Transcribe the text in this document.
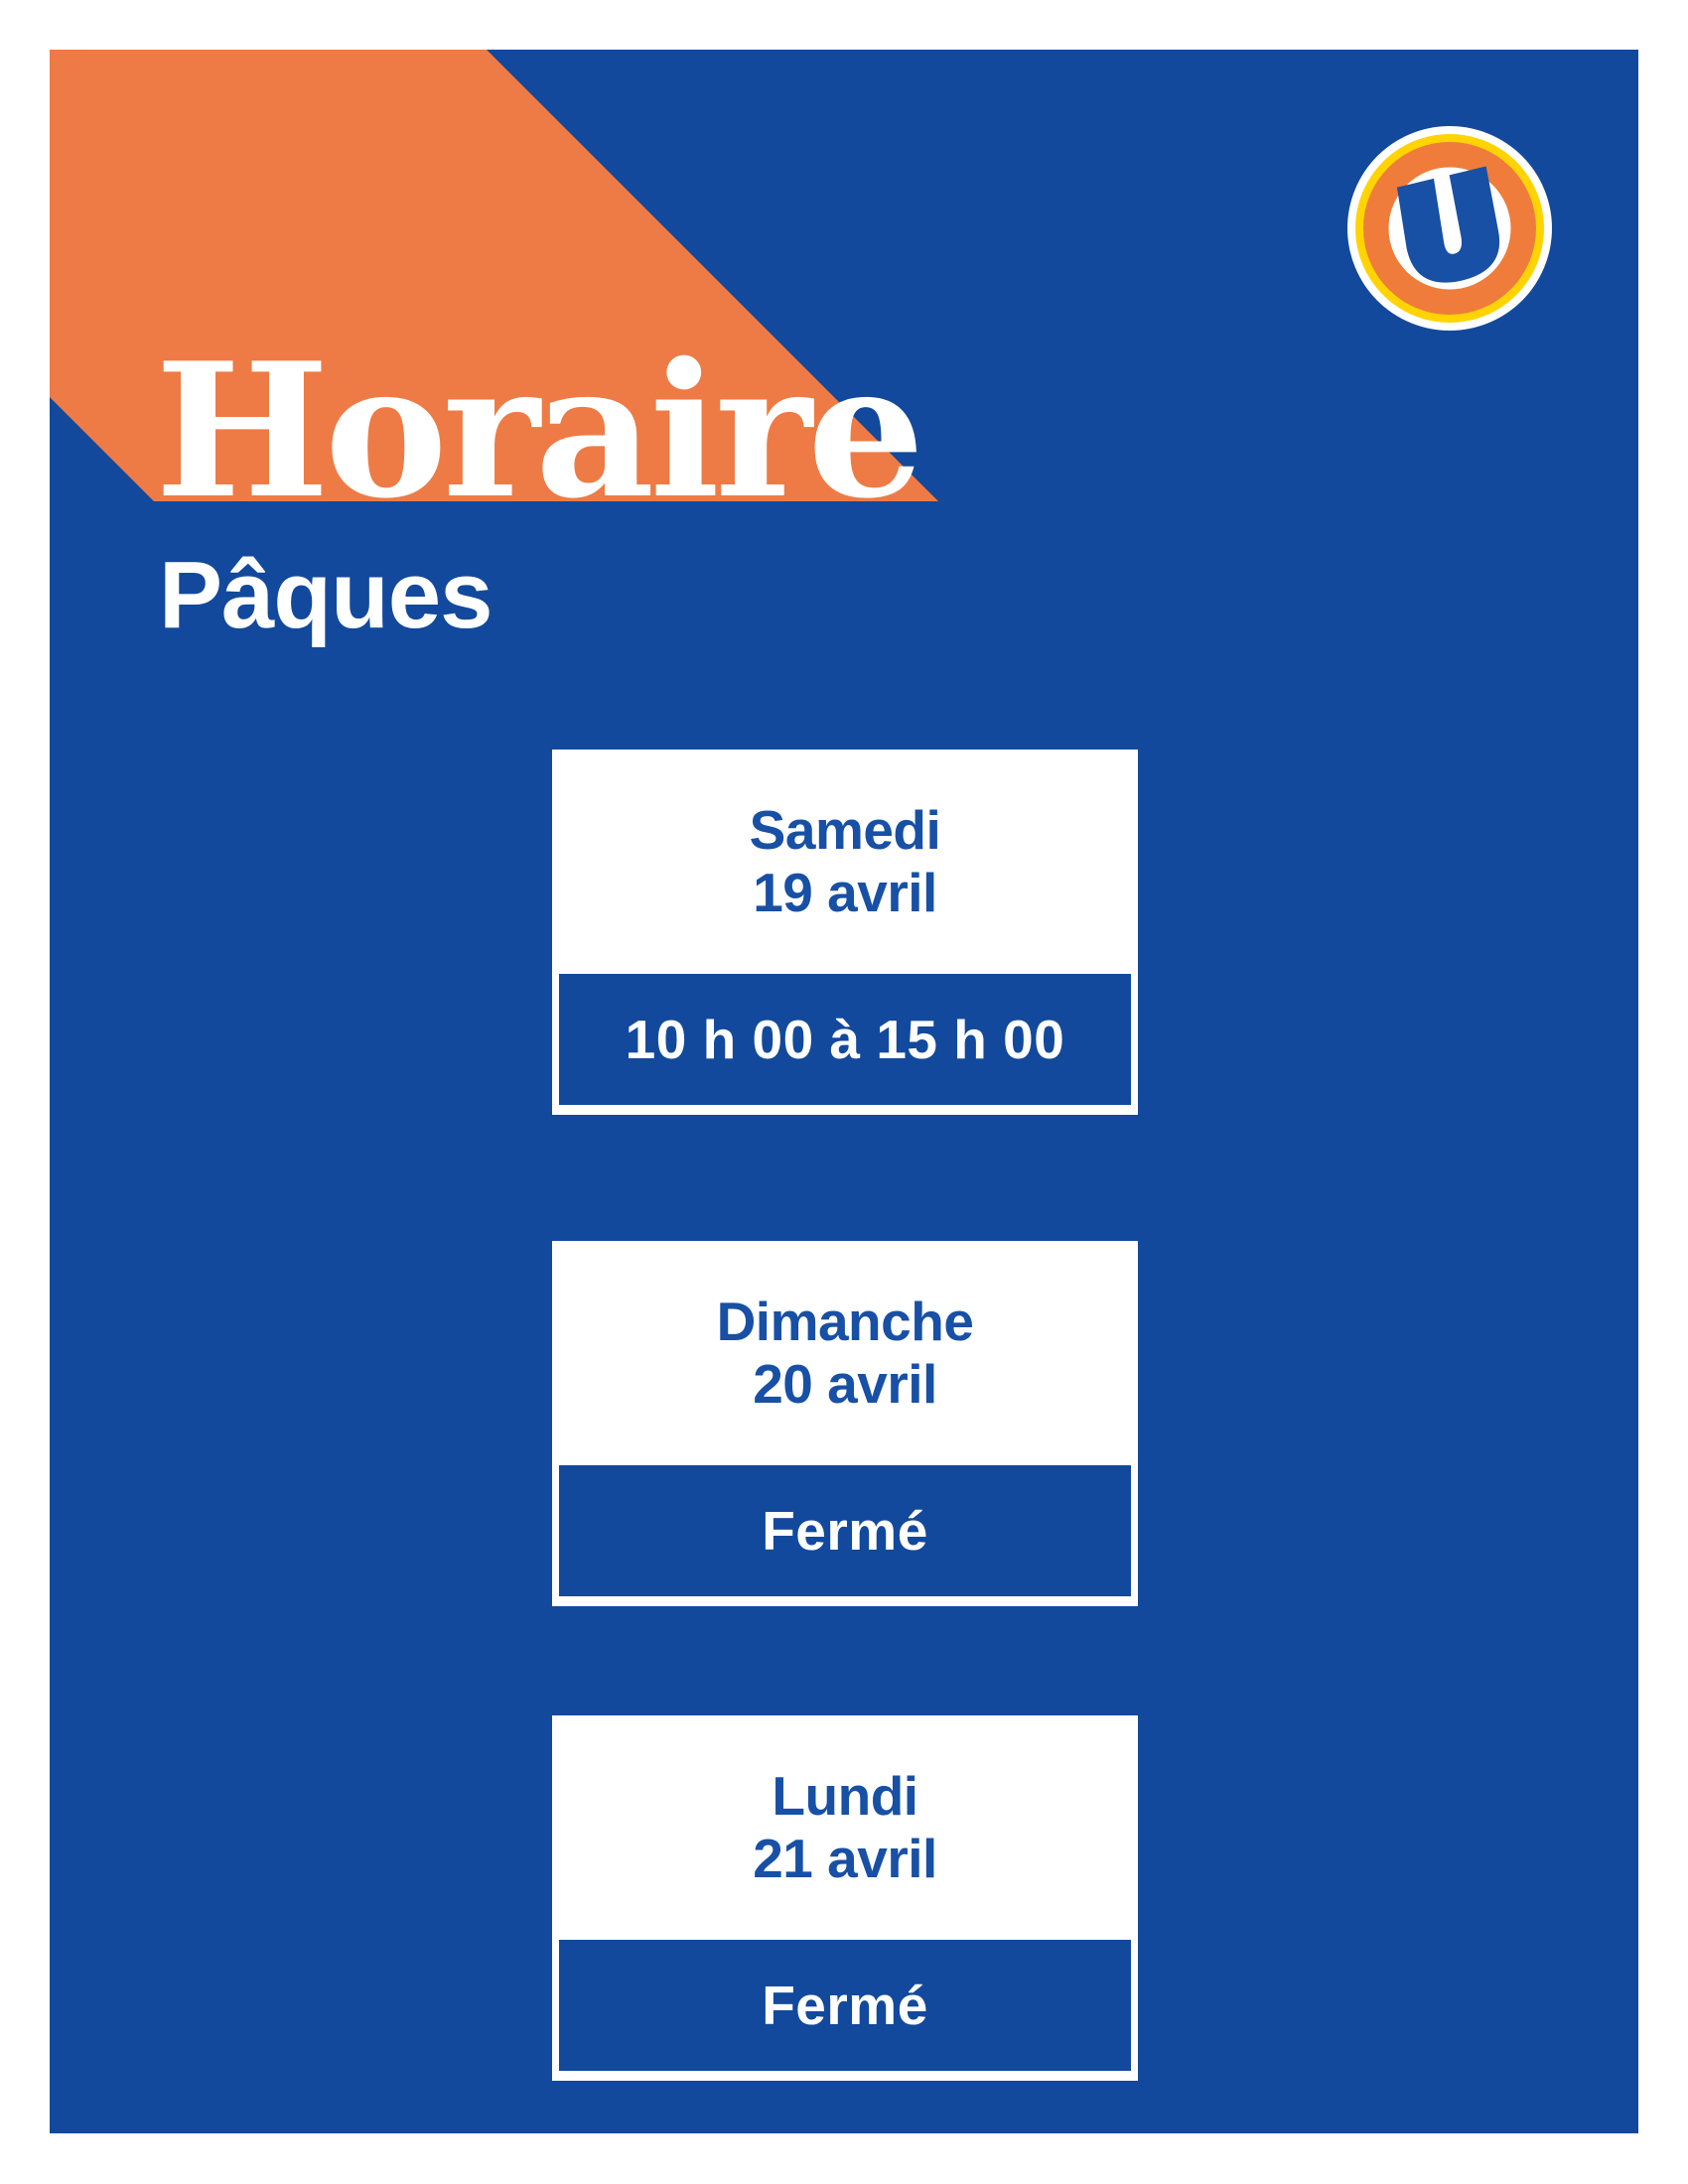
Horaire
Pâques
Samedi
19 avril
10 h 00 à 15 h 00
Dimanche
20 avril
Fermé
Lundi
21 avril
Fermé
